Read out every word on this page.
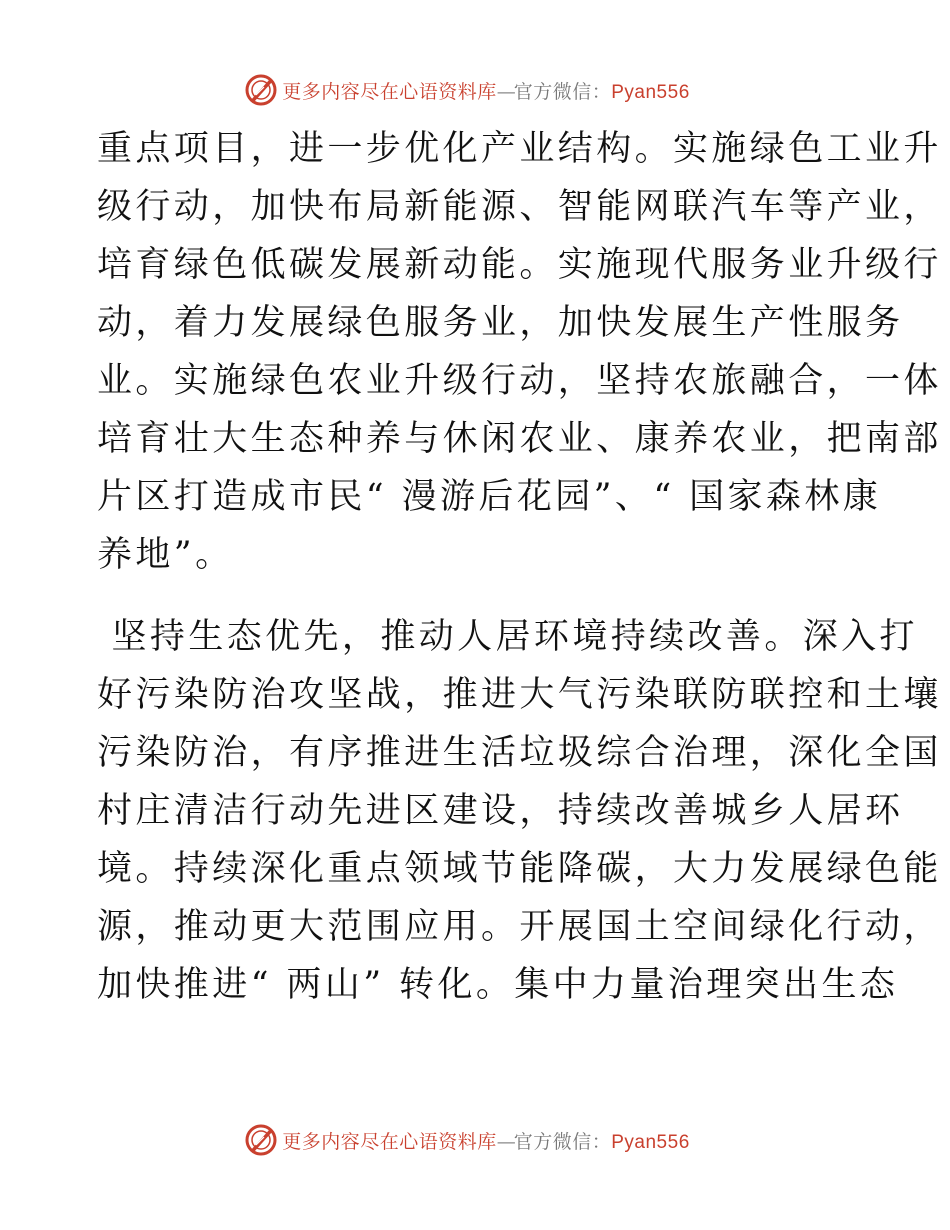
更多内容尽在心语资料库—官方微信：Pyan556
重点项目，进一步优化产业结构。实施绿色工业升
级行动，加快布局新能源、智能网联汽车等产业，
培育绿色低碳发展新动能。实施现代服务业升级行
动，着力发展绿色服务业，加快发展生产性服务
业。实施绿色农业升级行动，坚持农旅融合，一体
培育壮大生态种养与休闲农业、康养农业，把南部
片区打造成市民“ 漫游后花园”、“ 国家森林康
养地”。
坚持生态优先，推动人居环境持续改善。深入打
好污染防治攻坚战，推进大气污染联防联控和土壤
污染防治，有序推进生活垃圾综合治理，深化全国
村庄清洁行动先进区建设，持续改善城乡人居环
境。持续深化重点领域节能降碳，大力发展绿色能
源，推动更大范围应用。开展国土空间绿化行动，
加快推进“ 两山” 转化。集中力量治理突出生态
更多内容尽在心语资料库—官方微信：Pyan556
